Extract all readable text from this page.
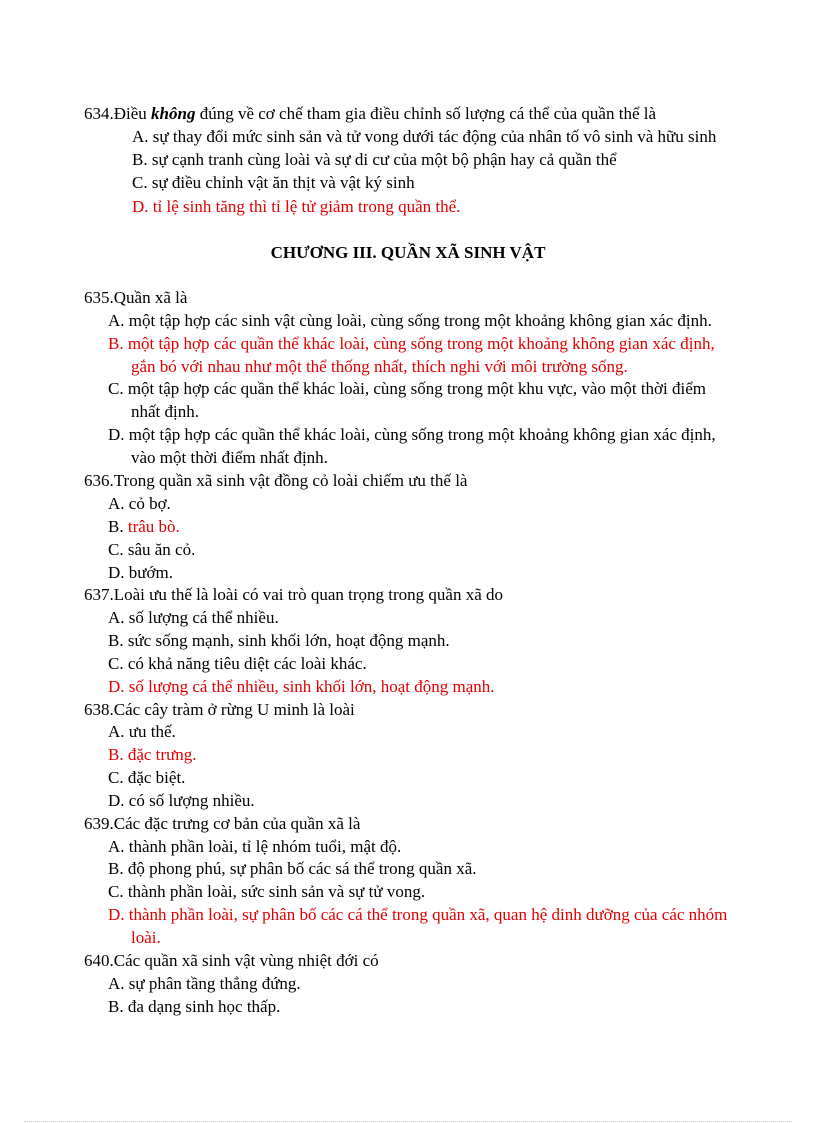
634.Điều không đúng về cơ chế tham gia điều chỉnh số lượng cá thể của quần thể là
A. sự thay đổi mức sinh sản và tử vong dưới tác động của nhân tố vô sinh và hữu sinh
B. sự cạnh tranh cùng loài và sự di cư của một bộ phận hay cả quần thể
C. sự điều chỉnh vật ăn thịt và vật ký sinh
D. tỉ lệ sinh tăng thì tỉ lệ tử giảm trong quần thể.
CHƯƠNG III. QUẦN XÃ SINH VẬT
635.Quần xã là
A. một tập hợp các sinh vật cùng loài, cùng sống trong một khoảng không gian xác định.
B. một tập hợp các quần thể khác loài, cùng sống trong một khoảng không gian xác định,
gắn bó với nhau như một thể thống nhất, thích nghi với môi trường sống.
C. một tập hợp các quần thể khác loài, cùng sống trong một khu vực, vào một thời điểm
nhất định.
D. một tập hợp các quần thể khác loài, cùng sống trong một khoảng không gian xác định,
vào một thời điểm nhất định.
636.Trong quần xã sinh vật đồng cỏ loài chiếm ưu thế là
A. cỏ bợ.
B. trâu bò.
C. sâu ăn cỏ.
D. bướm.
637.Loài ưu thế là loài có vai trò quan trọng trong quần xã do
A. số lượng cá thể nhiều.
B. sức sống mạnh, sinh khối lớn, hoạt động mạnh.
C. có khả năng tiêu diệt các loài khác.
D. số lượng cá thể nhiều, sinh khối lớn, hoạt động mạnh.
638.Các cây tràm ở rừng U minh là loài
A. ưu thế.
B. đặc trưng.
C. đặc biệt.
D. có số lượng nhiều.
639.Các đặc trưng cơ bản của quần xã là
A. thành phần loài, tỉ lệ nhóm tuổi, mật độ.
B. độ phong phú, sự phân bố các sá thể trong quần xã.
C. thành phần loài, sức sinh sản và sự tử vong.
D. thành phần loài, sự phân bố các cá thể trong quần xã, quan hệ dinh dưỡng của các nhóm
loài.
640.Các quần xã sinh vật vùng nhiệt đới có
A. sự phân tầng thẳng đứng.
B. đa dạng sinh học thấp.
